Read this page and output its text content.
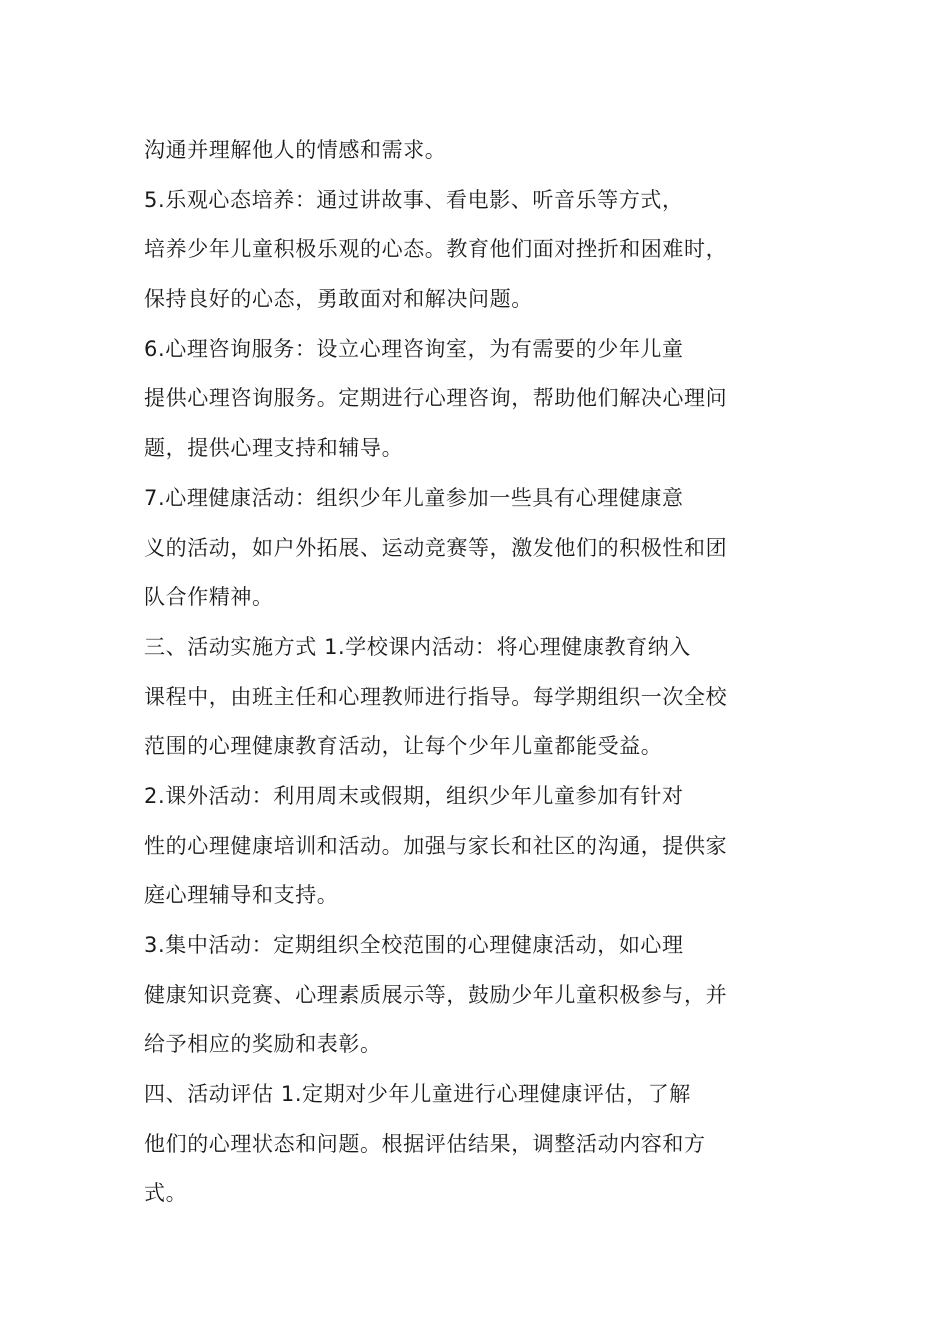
沟通并理解他人的情感和需求。
5.乐观心态培养：通过讲故事、看电影、听音乐等方式，
培养少年儿童积极乐观的心态。教育他们面对挫折和困难时，
保持良好的心态，勇敢面对和解决问题。
6.心理咨询服务：设立心理咨询室，为有需要的少年儿童
提供心理咨询服务。定期进行心理咨询，帮助他们解决心理问
题，提供心理支持和辅导。
7.心理健康活动：组织少年儿童参加一些具有心理健康意
义的活动，如户外拓展、运动竞赛等，激发他们的积极性和团
队合作精神。
三、活动实施方式 1.学校课内活动：将心理健康教育纳入
课程中，由班主任和心理教师进行指导。每学期组织一次全校
范围的心理健康教育活动，让每个少年儿童都能受益。
2.课外活动：利用周末或假期，组织少年儿童参加有针对
性的心理健康培训和活动。加强与家长和社区的沟通，提供家
庭心理辅导和支持。
3.集中活动：定期组织全校范围的心理健康活动，如心理
健康知识竞赛、心理素质展示等，鼓励少年儿童积极参与，并
给予相应的奖励和表彰。
四、活动评估 1.定期对少年儿童进行心理健康评估，了解
他们的心理状态和问题。根据评估结果，调整活动内容和方
式。
